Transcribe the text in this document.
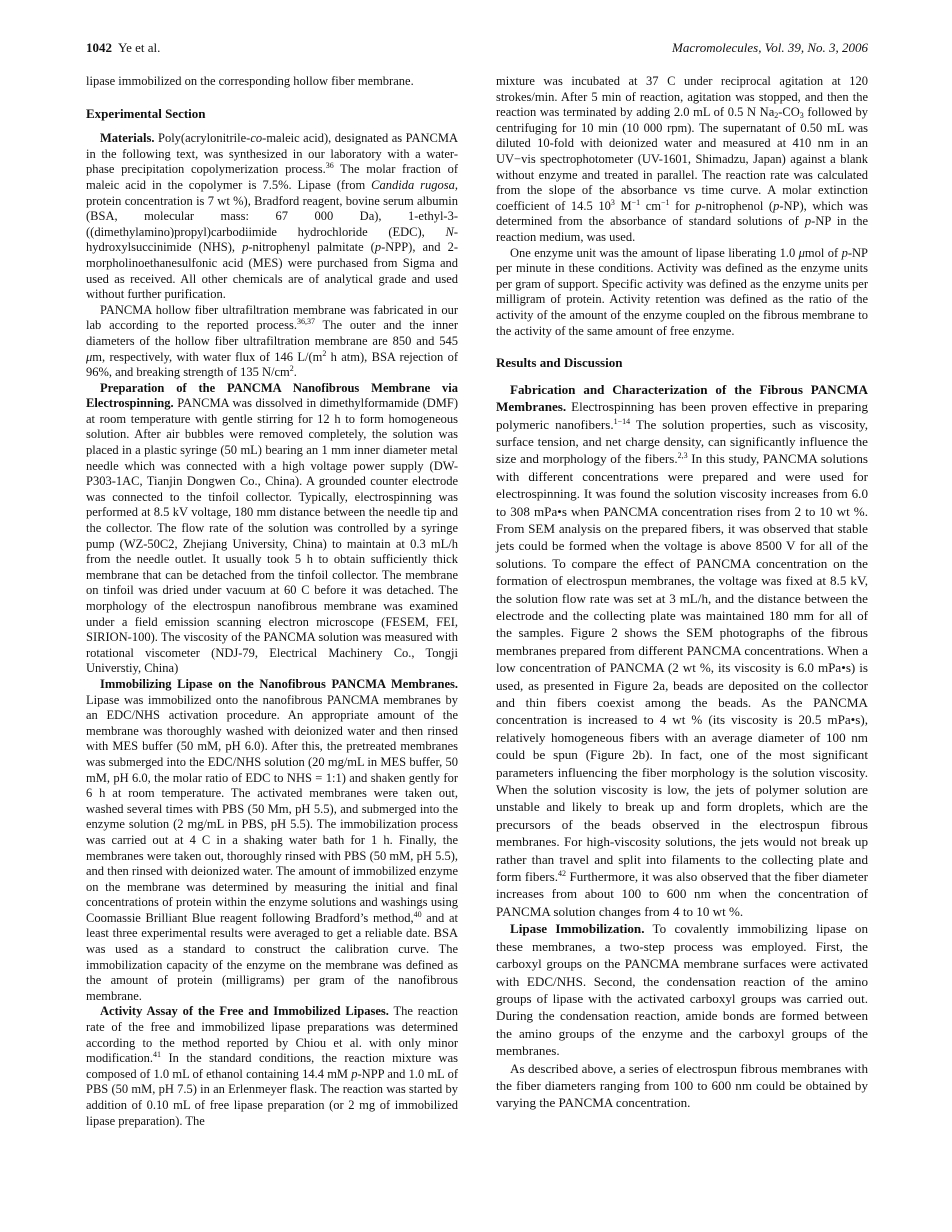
1042 Ye et al.	Macromolecules, Vol. 39, No. 3, 2006

lipase immobilized on the corresponding hollow fiber membrane.

Experimental Section

Materials. Poly(acrylonitrile-co-maleic acid), designated as PANCMA in the following text, was synthesized in our laboratory with a water-phase precipitation copolymerization process.$^{36}$ The molar fraction of maleic acid in the copolymer is 7.5%. Lipase (from Candida rugosa, protein concentration is 7 wt %), Bradford reagent, bovine serum albumin (BSA, molecular mass: 67 000 Da), 1-ethyl-3-((dimethylamino)propyl)carbodiimide hydrochloride (EDC), N-hydroxylsuccinimide (NHS), p-nitrophenyl palmitate (p-NPP), and 2-morpholinoethanesulfonic acid (MES) were purchased from Sigma and used as received. All other chemicals are of analytical grade and used without further purification.

PANCMA hollow fiber ultrafiltration membrane was fabricated in our lab according to the reported process.$^{36,37}$ The outer and the inner diameters of the hollow fiber ultrafiltration membrane are 850 and 545 μm, respectively, with water flux of 146 $L/(m^2$ h atm), BSA rejection of 96%, and breaking strength of 135 $N/cm^2$.

Preparation of the PANCMA Nanofibrous Membrane via Electrospinning. PANCMA was dissolved in dimethylformamide (DMF) at room temperature with gentle stirring for 12 h to form homogeneous solution. After air bubbles were removed completely, the solution was placed in a plastic syringe (50 mL) bearing an 1 mm inner diameter metal needle which was connected with a high voltage power supply (DW-P303-1AC, Tianjin Dongwen Co., China). A grounded counter electrode was connected to the tinfoil collector. Typically, electrospinning was performed at 8.5 kV voltage, 180 mm distance between the needle tip and the collector. The flow rate of the solution was controlled by a syringe pump (WZ-50C2, Zhejiang University, China) to maintain at 0.3 mL/h from the needle outlet. It usually took 5 h to obtain sufficiently thick membrane that can be detached from the tinfoil collector. The membrane on tinfoil was dried under vacuum at 60 C before it was detached. The morphology of the electrospun nanofibrous membrane was examined under a field emission scanning electron microscope (FESEM, FEI, SIRION-100). The viscosity of the PANCMA solution was measured with rotational viscometer (NDJ-79, Electrical Machinery Co., Tongji Universtiy, China)

Immobilizing Lipase on the Nanofibrous PANCMA Membranes. Lipase was immobilized onto the nanofibrous PANCMA membranes by an EDC/NHS activation procedure. An appropriate amount of the membrane was thoroughly washed with deionized water and then rinsed with MES buffer (50 mM, pH 6.0). After this, the pretreated membranes was submerged into the EDC/NHS solution (20 mg/mL in MES buffer, 50 mM, pH 6.0, the molar ratio of EDC to NHS = 1:1) and shaken gently for 6 h at room temperature. The activated membranes were taken out, washed several times with PBS (50 Mm, pH 5.5), and submerged into the enzyme solution (2 mg/mL in PBS, pH 5.5). The immobilization process was carried out at 4 C in a shaking water bath for 1 h. Finally, the membranes were taken out, thoroughly rinsed with PBS (50 mM, pH 5.5), and then rinsed with deionized water. The amount of immobilized enzyme on the membrane was determined by measuring the initial and final concentrations of protein within the enzyme solutions and washings using Coomassie Brilliant Blue reagent following Bradford’s method,$^{40}$ and at least three experimental results were averaged to get a reliable date. BSA was used as a standard to construct the calibration curve. The immobilization capacity of the enzyme on the membrane was defined as the amount of protein (milligrams) per gram of the nanofibrous membrane.

Activity Assay of the Free and Immobilized Lipases. The reaction rate of the free and immobilized lipase preparations was determined according to the method reported by Chiou et al. with only minor modification.$^{41}$ In the standard conditions, the reaction mixture was composed of 1.0 mL of ethanol containing 14.4 mM p-NPP and 1.0 mL of PBS (50 mM, pH 7.5) in an Erlenmeyer flask. The reaction was started by addition of 0.10 mL of free lipase preparation (or 2 mg of immobilized lipase preparation). The

mixture was incubated at 37 C under reciprocal agitation at 120 strokes/min. After 5 min of reaction, agitation was stopped, and then the reaction was terminated by adding 2.0 mL of 0.5 N $Na_2-CO_3$ followed by centrifuging for 10 min (10 000 rpm). The supernatant of 0.50 mL was diluted 10-fold with deionized water and measured at 410 nm in an UV−vis spectrophotometer (UV-1601, Shimadzu, Japan) against a blank without enzyme and treated in parallel. The reaction rate was calculated from the slope of the absorbance vs time curve. A molar extinction coefficient of 14.5 $10^3$ $M^{-1}$ $cm^{-1}$ for p-nitrophenol (p-NP), which was determined from the absorbance of standard solutions of p-NP in the reaction medium, was used.

One enzyme unit was the amount of lipase liberating 1.0 μmol of p-NP per minute in these conditions. Activity was defined as the enzyme units per gram of support. Specific activity was defined as the enzyme units per milligram of protein. Activity retention was defined as the ratio of the activity of the amount of the enzyme coupled on the fibrous membrane to the activity of the same amount of free enzyme.

Results and Discussion

Fabrication and Characterization of the Fibrous PANCMA Membranes. Electrospinning has been proven effective in preparing polymeric nanofibers.$^{1-14}$ The solution properties, such as viscosity, surface tension, and net charge density, can significantly influence the size and morphology of the fibers.$^{2,3}$ In this study, PANCMA solutions with different concentrations were prepared and were used for electrospinning. It was found the solution viscosity increases from 6.0 to 308 mPa•s when PANCMA concentration rises from 2 to 10 wt %. From SEM analysis on the prepared fibers, it was observed that stable jets could be formed when the voltage is above 8500 V for all of the solutions. To compare the effect of PANCMA concentration on the formation of electrospun membranes, the voltage was fixed at 8.5 kV, the solution flow rate was set at 3 mL/h, and the distance between the electrode and the collecting plate was maintained 180 mm for all of the samples. Figure 2 shows the SEM photographs of the fibrous membranes prepared from different PANCMA concentrations. When a low concentration of PANCMA (2 wt %, its viscosity is 6.0 mPa•s) is used, as presented in Figure 2a, beads are deposited on the collector and thin fibers coexist among the beads. As the PANCMA concentration is increased to 4 wt % (its viscosity is 20.5 mPa•s), relatively homogeneous fibers with an average diameter of 100 nm could be spun (Figure 2b). In fact, one of the most significant parameters influencing the fiber morphology is the solution viscosity. When the solution viscosity is low, the jets of polymer solution are unstable and likely to break up and form droplets, which are the precursors of the beads observed in the electrospun fibrous membranes. For high-viscosity solutions, the jets would not break up rather than travel and split into filaments to the collecting plate and form fibers.$^{42}$ Furthermore, it was also observed that the fiber diameter increases from about 100 to 600 nm when the concentration of PANCMA solution changes from 4 to 10 wt %.

Lipase Immobilization. To covalently immobilizing lipase on these membranes, a two-step process was employed. First, the carboxyl groups on the PANCMA membrane surfaces were activated with EDC/NHS. Second, the condensation reaction of the amino groups of lipase with the activated carboxyl groups was carried out. During the condensation reaction, amide bonds are formed between the amino groups of the enzyme and the carboxyl groups of the membranes.

As described above, a series of electrospun fibrous membranes with the fiber diameters ranging from 100 to 600 nm could be obtained by varying the PANCMA concentration.
